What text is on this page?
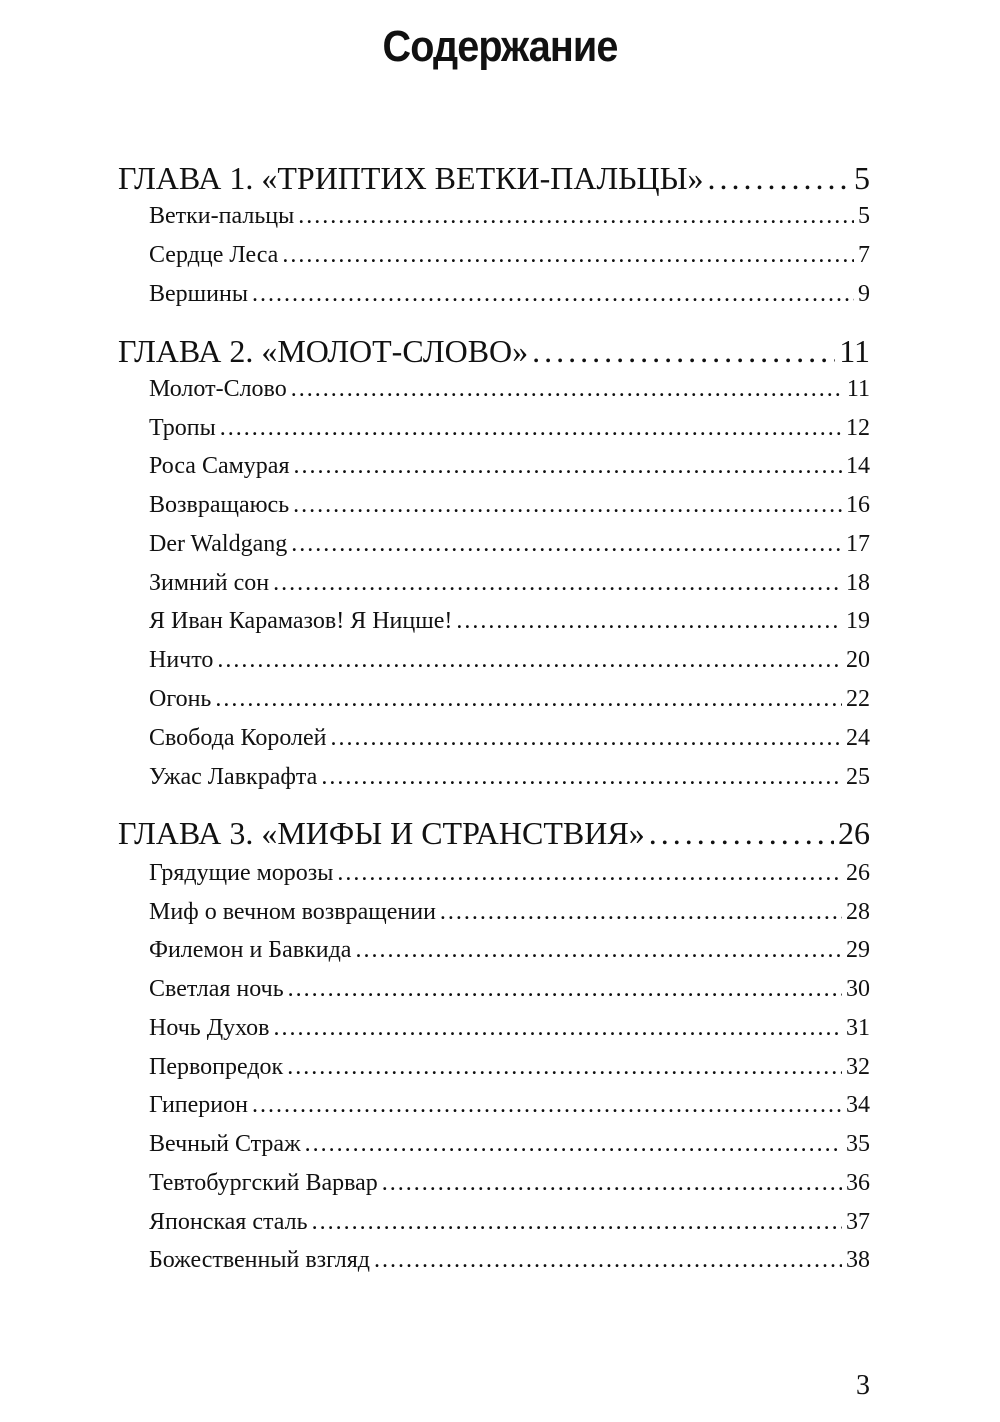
Содержание
ГЛАВА 1. «ТРИПТИХ ВЕТКИ-ПАЛЬЦЫ» . . .	5
Ветки-пальцы . . .	5
Сердце Леса . . .	7
Вершины . . .	9
ГЛАВА 2. «МОЛОТ-СЛОВО» . . .	11
Молот-Слово . . .	11
Тропы . . .	12
Роса Самурая . . .	14
Возвращаюсь . . .	16
Der Waldgang . . .	17
Зимний сон . . .	18
Я Иван Карамазов! Я Ницше! . . .	19
Ничто . . .	20
Огонь . . .	22
Свобода Королей . . .	24
Ужас Лавкрафта . . .	25
ГЛАВА 3. «МИФЫ И СТРАНСТВИЯ» . . .	26
Грядущие морозы . . .	26
Миф о вечном возвращении . . .	28
Филемон и Бавкида . . .	29
Светлая ночь . . .	30
Ночь Духов . . .	31
Первопредок . . .	32
Гиперион . . .	34
Вечный Страж . . .	35
Тевтобургский Варвар . . .	36
Японская сталь . . .	37
Божественный взгляд . . .	38
3
